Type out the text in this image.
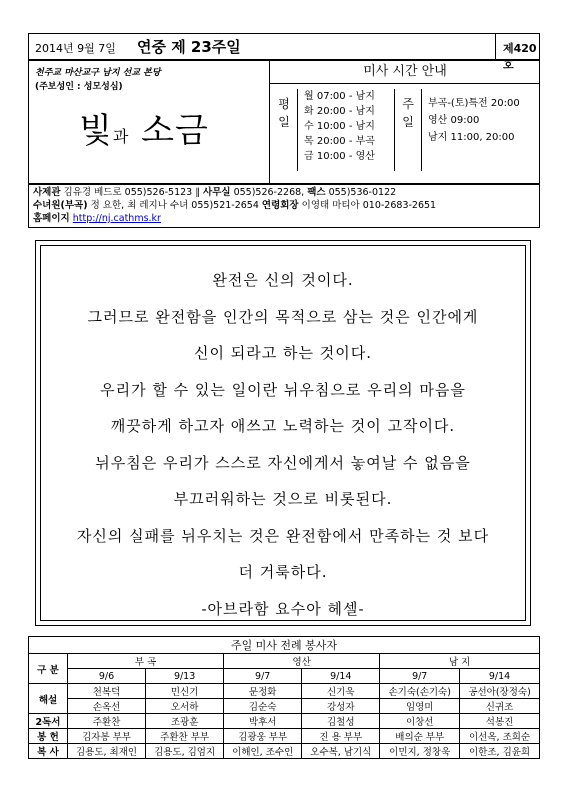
2014년 9월 7일 연중 제 23주일	제420호
천주교 마산교구 남지 선교 본당
(주보성인 : 성모성심)
빛과 소금
미사 시간 안내
평
일
월 07:00 - 남지
화 20:00 - 남지
수 10:00 - 남지
목 20:00 - 부곡
금 10:00 - 영산
주
일
부곡-(토)특전 20:00
영산 09:00
남지 11:00, 20:00
사제관 김유경 베드로 055)526-5123 ∥ 사무실 055)526-2268, 팩스 055)536-0122
수녀원(부곡) 정 요한, 최 레지나 수녀 055)521-2654 연령회장 이영태 마티아 010-2683-2651
홈페이지 http://nj.cathms.kr
완전은 신의 것이다.
그러므로 완전함을 인간의 목적으로 삼는 것은 인간에게
신이 되라고 하는 것이다.
우리가 할 수 있는 일이란 뉘우침으로 우리의 마음을
깨끗하게 하고자 애쓰고 노력하는 것이 고작이다.
뉘우침은 우리가 스스로 자신에게서 놓여날 수 없음을
부끄러워하는 것으로 비롯된다.
자신의 실패를 뉘우치는 것은 완전함에서 만족하는 것 보다
더 거룩하다.
-아브라함 요수아 헤셀-
주일 미사 전례 봉사자						
구 분	부 곡		영산		남 지	
	9/6	9/13	9/7	9/14	9/7	9/14
해설	천복덕	민신기	문정화	신기욱	손기숙(손기숙)	공선아(장정숙)
	손옥선	오서하	김순숙	강성자	임영미	신귀조
2독서	주환찬	조광훈	박후서	김철성	이창선	석봉진
봉 헌	김자봉 부부	주환찬 부부	김광웅 부부	진 용 부부	배의순 부부	이선옥, 조희순
복 사	김용도, 최재인	김용도, 김엄지	이해인, 조수인	오수복, 남기식	이민지, 정창욱	이한조, 김윤희
